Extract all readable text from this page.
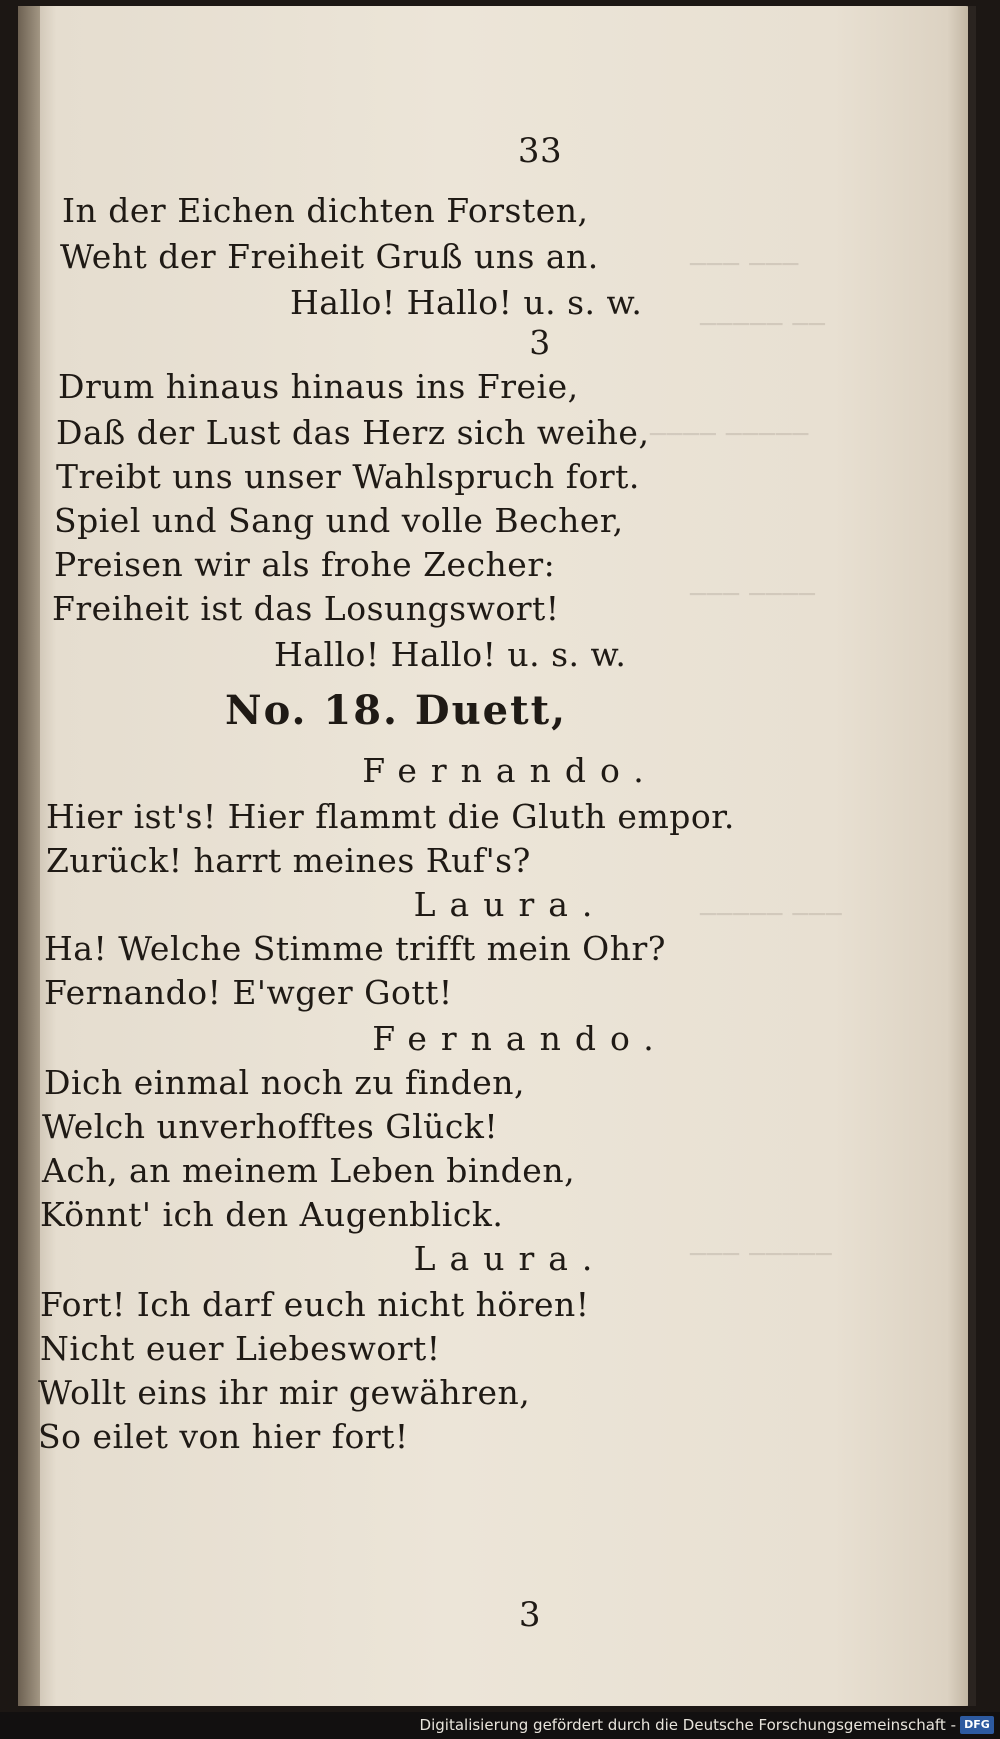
─── ───
───── ──
──── ─────
─── ────
───── ───
─── ─────
33
In der Eichen dichten Forsten,
Weht der Freiheit Gruß uns an.
Hallo! Hallo! u. s. w.
3
Drum hinaus hinaus ins Freie,
Daß der Lust das Herz sich weihe,
Treibt uns unser Wahlspruch fort.
Spiel und Sang und volle Becher,
Preisen wir als frohe Zecher:
Freiheit ist das Losungswort!
Hallo! Hallo! u. s. w.
No. 18. Duett,
Fernando.
Hier ist's! Hier flammt die Gluth empor.
Zurück! harrt meines Ruf's?
Laura.
Ha! Welche Stimme trifft mein Ohr?
Fernando! E'wger Gott!
Fernando.
Dich einmal noch zu finden,
Welch unverhofftes Glück!
Ach, an meinem Leben binden,
Könnt' ich den Augenblick.
Laura.
Fort! Ich darf euch nicht hören!
Nicht euer Liebeswort!
Wollt eins ihr mir gewähren,
So eilet von hier fort!
3
Digitalisierung gefördert durch die Deutsche Forschungsgemeinschaft - DFG
